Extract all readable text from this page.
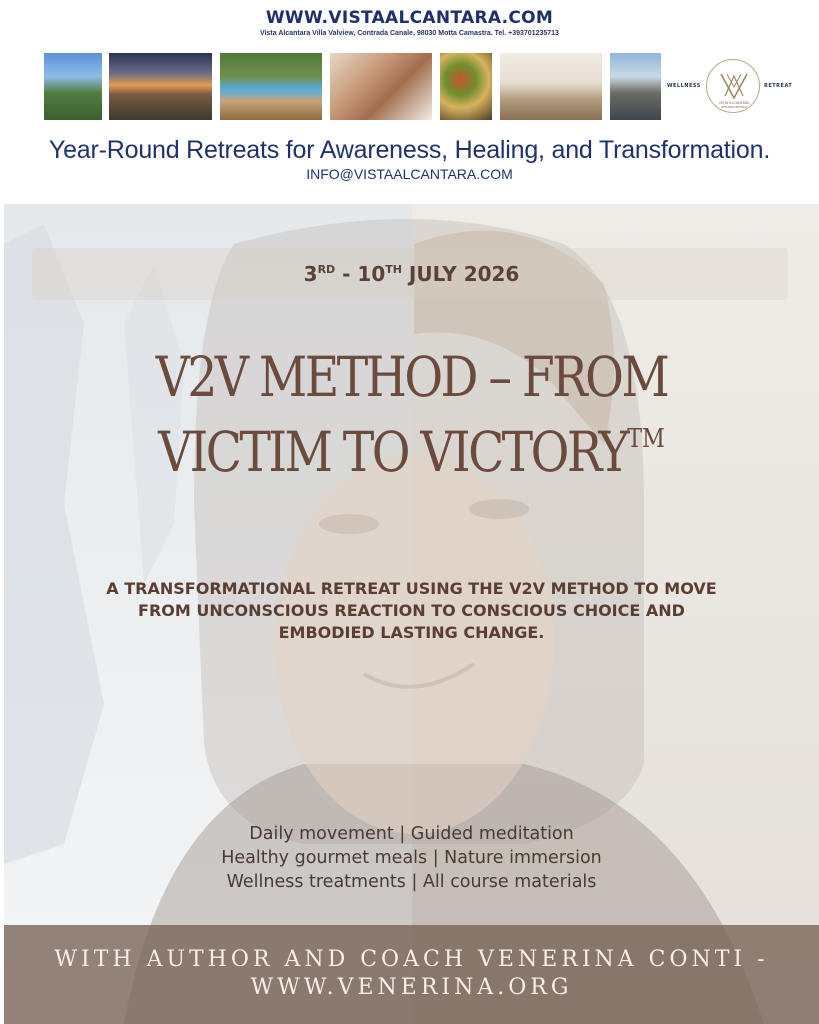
WWW.VISTAALCANTARA.COM
Vista Alcantara Villa Valview, Contrada Canale, 98030 Motta Camastra. Tel. +393701235713
WELLNESS
VISTA ALCANTARA
WELLNESS RETREAT
RETREAT
Year-Round Retreats for Awareness, Healing, and Transformation.
INFO@VISTAALCANTARA.COM
3RD - 10TH JULY 2026
V2V METHOD – FROM
VICTIM TO VICTORY™
A TRANSFORMATIONAL RETREAT USING THE V2V METHOD TO MOVE
FROM UNCONSCIOUS REACTION TO CONSCIOUS CHOICE AND
EMBODIED LASTING CHANGE.
Daily movement | Guided meditation
Healthy gourmet meals | Nature immersion
Wellness treatments | All course materials
WITH AUTHOR AND COACH VENERINA CONTI -
WWW.VENERINA.ORG
